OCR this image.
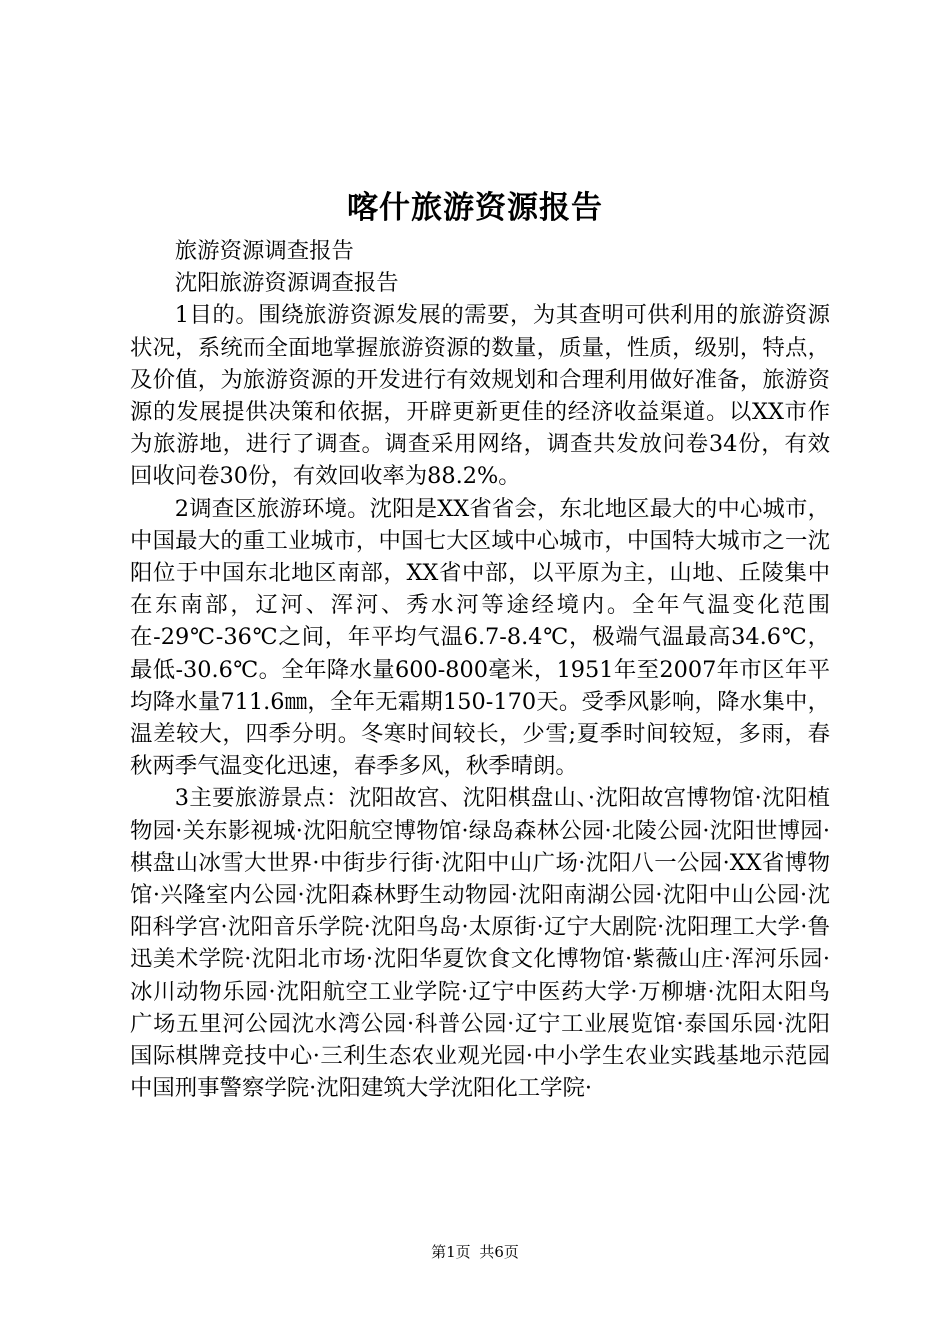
喀什旅游资源报告

旅游资源调查报告

沈阳旅游资源调查报告

1目的。围绕旅游资源发展的需要，为其查明可供利用的旅游资源状况，系统而全面地掌握旅游资源的数量，质量，性质，级别，特点，及价值，为旅游资源的开发进行有效规划和合理利用做好准备，旅游资源的发展提供决策和依据，开辟更新更佳的经济收益渠道。以XX市作为旅游地，进行了调查。调查采用网络，调查共发放问卷34份，有效回收问卷30份，有效回收率为88.2%。

2调查区旅游环境。沈阳是XX省省会，东北地区最大的中心城市，中国最大的重工业城市，中国七大区域中心城市，中国特大城市之一沈阳位于中国东北地区南部，XX省中部，以平原为主，山地、丘陵集中在东南部，辽河、浑河、秀水河等途经境内。全年气温变化范围在-29℃-36℃之间，年平均气温6.7-8.4℃，极端气温最高34.6℃，最低-30.6℃。全年降水量600-800毫米，1951年至2007年市区年平均降水量711.6㎜，全年无霜期150-170天。受季风影响，降水集中，温差较大，四季分明。冬寒时间较长，少雪;夏季时间较短，多雨，春秋两季气温变化迅速，春季多风，秋季晴朗。

3主要旅游景点：沈阳故宫、沈阳棋盘山、·沈阳故宫博物馆·沈阳植物园·关东影视城·沈阳航空博物馆·绿岛森林公园·北陵公园·沈阳世博园·棋盘山冰雪大世界·中街步行街·沈阳中山广场·沈阳八一公园·XX省博物馆·兴隆室内公园·沈阳森林野生动物园·沈阳南湖公园·沈阳中山公园·沈阳科学宫·沈阳音乐学院·沈阳鸟岛·太原街·辽宁大剧院·沈阳理工大学·鲁迅美术学院·沈阳北市场·沈阳华夏饮食文化博物馆·紫薇山庄·浑河乐园·冰川动物乐园·沈阳航空工业学院·辽宁中医药大学·万柳塘·沈阳太阳鸟广场五里河公园沈水湾公园·科普公园·辽宁工业展览馆·泰国乐园·沈阳国际棋牌竞技中心·三利生态农业观光园·中小学生农业实践基地示范园中国刑事警察学院·沈阳建筑大学沈阳化工学院·

第1页 共6页
